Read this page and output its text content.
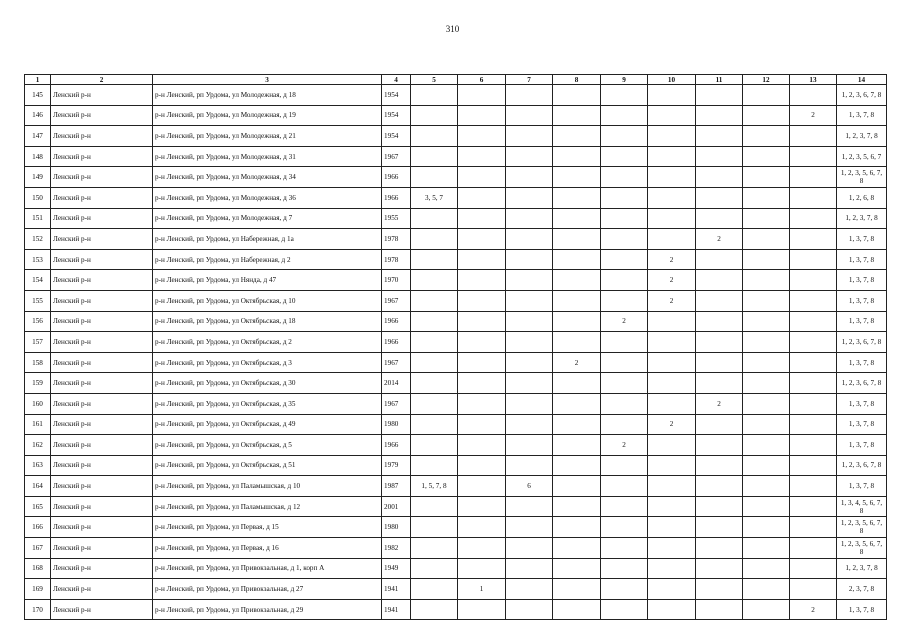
310
1	2	3	4	5	6	7	8	9	10	11	12	13	14
145	Ленский р-н	р-н Ленский, рп Урдома, ул Молодежная, д 18	1954										1, 2, 3, 6, 7, 8
146	Ленский р-н	р-н Ленский, рп Урдома, ул Молодежная, д 19	1954									2	1, 3, 7, 8
147	Ленский р-н	р-н Ленский, рп Урдома, ул Молодежная, д 21	1954										1, 2, 3, 7, 8
148	Ленский р-н	р-н Ленский, рп Урдома, ул Молодежная, д 31	1967										1, 2, 3, 5, 6, 7
149	Ленский р-н	р-н Ленский, рп Урдома, ул Молодежная, д 34	1966										1, 2, 3, 5, 6, 7, 8
150	Ленский р-н	р-н Ленский, рп Урдома, ул Молодежная, д 36	1966	3, 5, 7									1, 2, 6, 8
151	Ленский р-н	р-н Ленский, рп Урдома, ул Молодежная, д 7	1955										1, 2, 3, 7, 8
152	Ленский р-н	р-н Ленский, рп Урдома, ул Набережная, д 1а	1978							2			1, 3, 7, 8
153	Ленский р-н	р-н Ленский, рп Урдома, ул Набережная, д 2	1978						2				1, 3, 7, 8
154	Ленский р-н	р-н Ленский, рп Урдома, ул Нянда, д 47	1970						2				1, 3, 7, 8
155	Ленский р-н	р-н Ленский, рп Урдома, ул Октябрьская, д 10	1967						2				1, 3, 7, 8
156	Ленский р-н	р-н Ленский, рп Урдома, ул Октябрьская, д 18	1966					2					1, 3, 7, 8
157	Ленский р-н	р-н Ленский, рп Урдома, ул Октябрьская, д 2	1966										1, 2, 3, 6, 7, 8
158	Ленский р-н	р-н Ленский, рп Урдома, ул Октябрьская, д 3	1967				2						1, 3, 7, 8
159	Ленский р-н	р-н Ленский, рп Урдома, ул Октябрьская, д 30	2014										1, 2, 3, 6, 7, 8
160	Ленский р-н	р-н Ленский, рп Урдома, ул Октябрьская, д 35	1967							2			1, 3, 7, 8
161	Ленский р-н	р-н Ленский, рп Урдома, ул Октябрьская, д 49	1980						2				1, 3, 7, 8
162	Ленский р-н	р-н Ленский, рп Урдома, ул Октябрьская, д 5	1966					2					1, 3, 7, 8
163	Ленский р-н	р-н Ленский, рп Урдома, ул Октябрьская, д 51	1979										1, 2, 3, 6, 7, 8
164	Ленский р-н	р-н Ленский, рп Урдома, ул Паламышская, д 10	1987	1, 5, 7, 8		6							1, 3, 7, 8
165	Ленский р-н	р-н Ленский, рп Урдома, ул Паламышская, д 12	2001										1, 3, 4, 5, 6, 7, 8
166	Ленский р-н	р-н Ленский, рп Урдома, ул Первая, д 15	1980										1, 2, 3, 5, 6, 7, 8
167	Ленский р-н	р-н Ленский, рп Урдома, ул Первая, д 16	1982										1, 2, 3, 5, 6, 7, 8
168	Ленский р-н	р-н Ленский, рп Урдома, ул Привокзальная, д 1, корп А	1949										1, 2, 3, 7, 8
169	Ленский р-н	р-н Ленский, рп Урдома, ул Привокзальная, д 27	1941		1								2, 3, 7, 8
170	Ленский р-н	р-н Ленский, рп Урдома, ул Привокзальная, д 29	1941									2	1, 3, 7, 8
